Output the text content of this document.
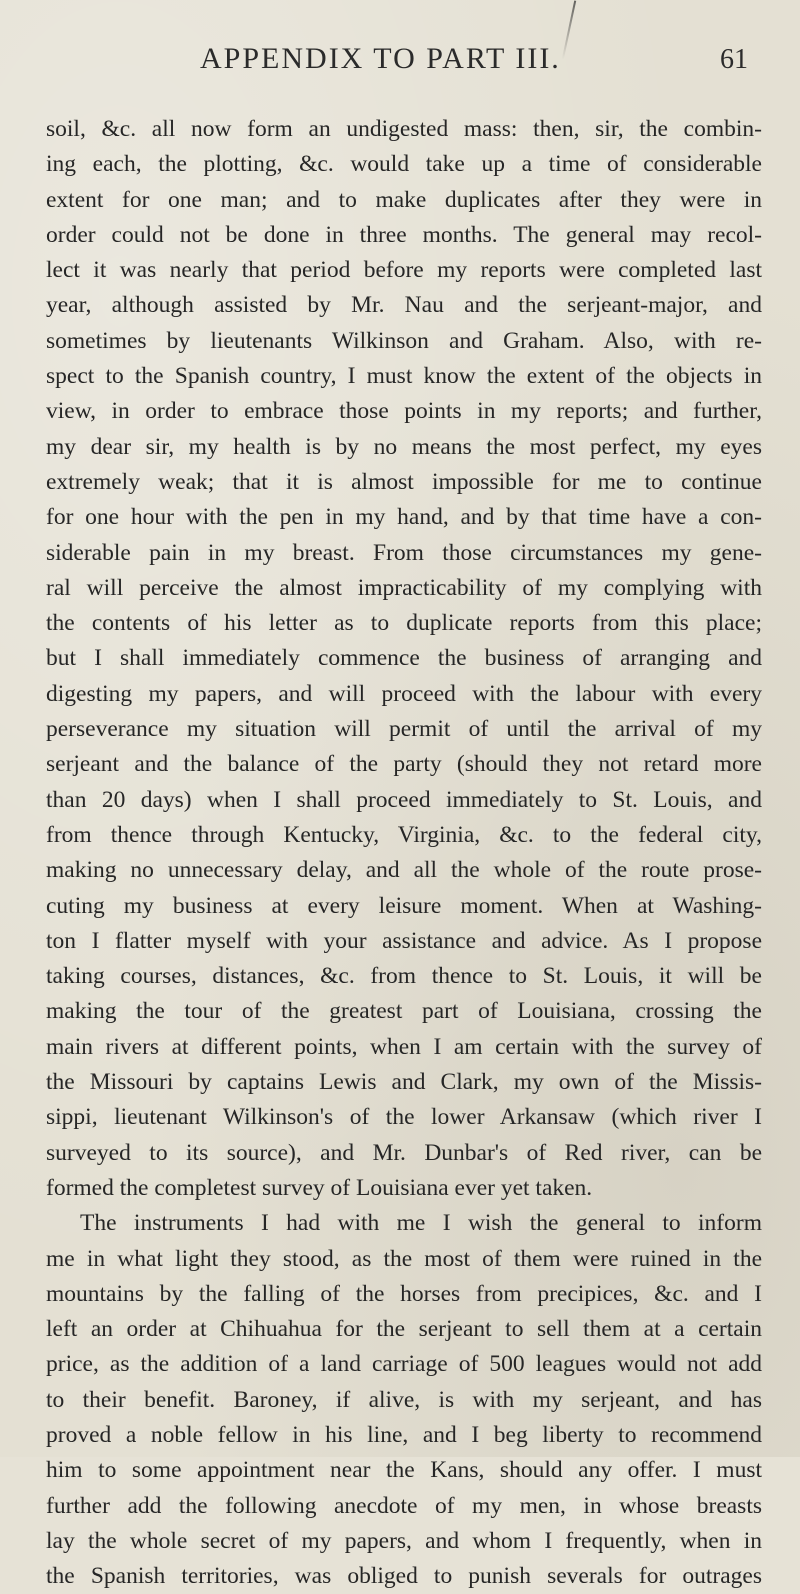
APPENDIX TO PART III.	61
soil, &c. all now form an undigested mass: then, sir, the combin-
ing each, the plotting, &c. would take up a time of considerable
extent for one man; and to make duplicates after they were in
order could not be done in three months. The general may recol-
lect it was nearly that period before my reports were completed last
year, although assisted by Mr. Nau and the serjeant-major, and
sometimes by lieutenants Wilkinson and Graham. Also, with re-
spect to the Spanish country, I must know the extent of the objects in
view, in order to embrace those points in my reports; and further,
my dear sir, my health is by no means the most perfect, my eyes
extremely weak; that it is almost impossible for me to continue
for one hour with the pen in my hand, and by that time have a con-
siderable pain in my breast. From those circumstances my gene-
ral will perceive the almost impracticability of my complying with
the contents of his letter as to duplicate reports from this place;
but I shall immediately commence the business of arranging and
digesting my papers, and will proceed with the labour with every
perseverance my situation will permit of until the arrival of my
serjeant and the balance of the party (should they not retard more
than 20 days) when I shall proceed immediately to St. Louis, and
from thence through Kentucky, Virginia, &c. to the federal city,
making no unnecessary delay, and all the whole of the route prose-
cuting my business at every leisure moment. When at Washing-
ton I flatter myself with your assistance and advice. As I propose
taking courses, distances, &c. from thence to St. Louis, it will be
making the tour of the greatest part of Louisiana, crossing the
main rivers at different points, when I am certain with the survey of
the Missouri by captains Lewis and Clark, my own of the Missis-
sippi, lieutenant Wilkinson's of the lower Arkansaw (which river I
surveyed to its source), and Mr. Dunbar's of Red river, can be
formed the completest survey of Louisiana ever yet taken.
The instruments I had with me I wish the general to inform
me in what light they stood, as the most of them were ruined in the
mountains by the falling of the horses from precipices, &c. and I
left an order at Chihuahua for the serjeant to sell them at a certain
price, as the addition of a land carriage of 500 leagues would not add
to their benefit. Baroney, if alive, is with my serjeant, and has
proved a noble fellow in his line, and I beg liberty to recommend
him to some appointment near the Kans, should any offer. I must
further add the following anecdote of my men, in whose breasts
lay the whole secret of my papers, and whom I frequently, when in
the Spanish territories, was obliged to punish severals for outrages
